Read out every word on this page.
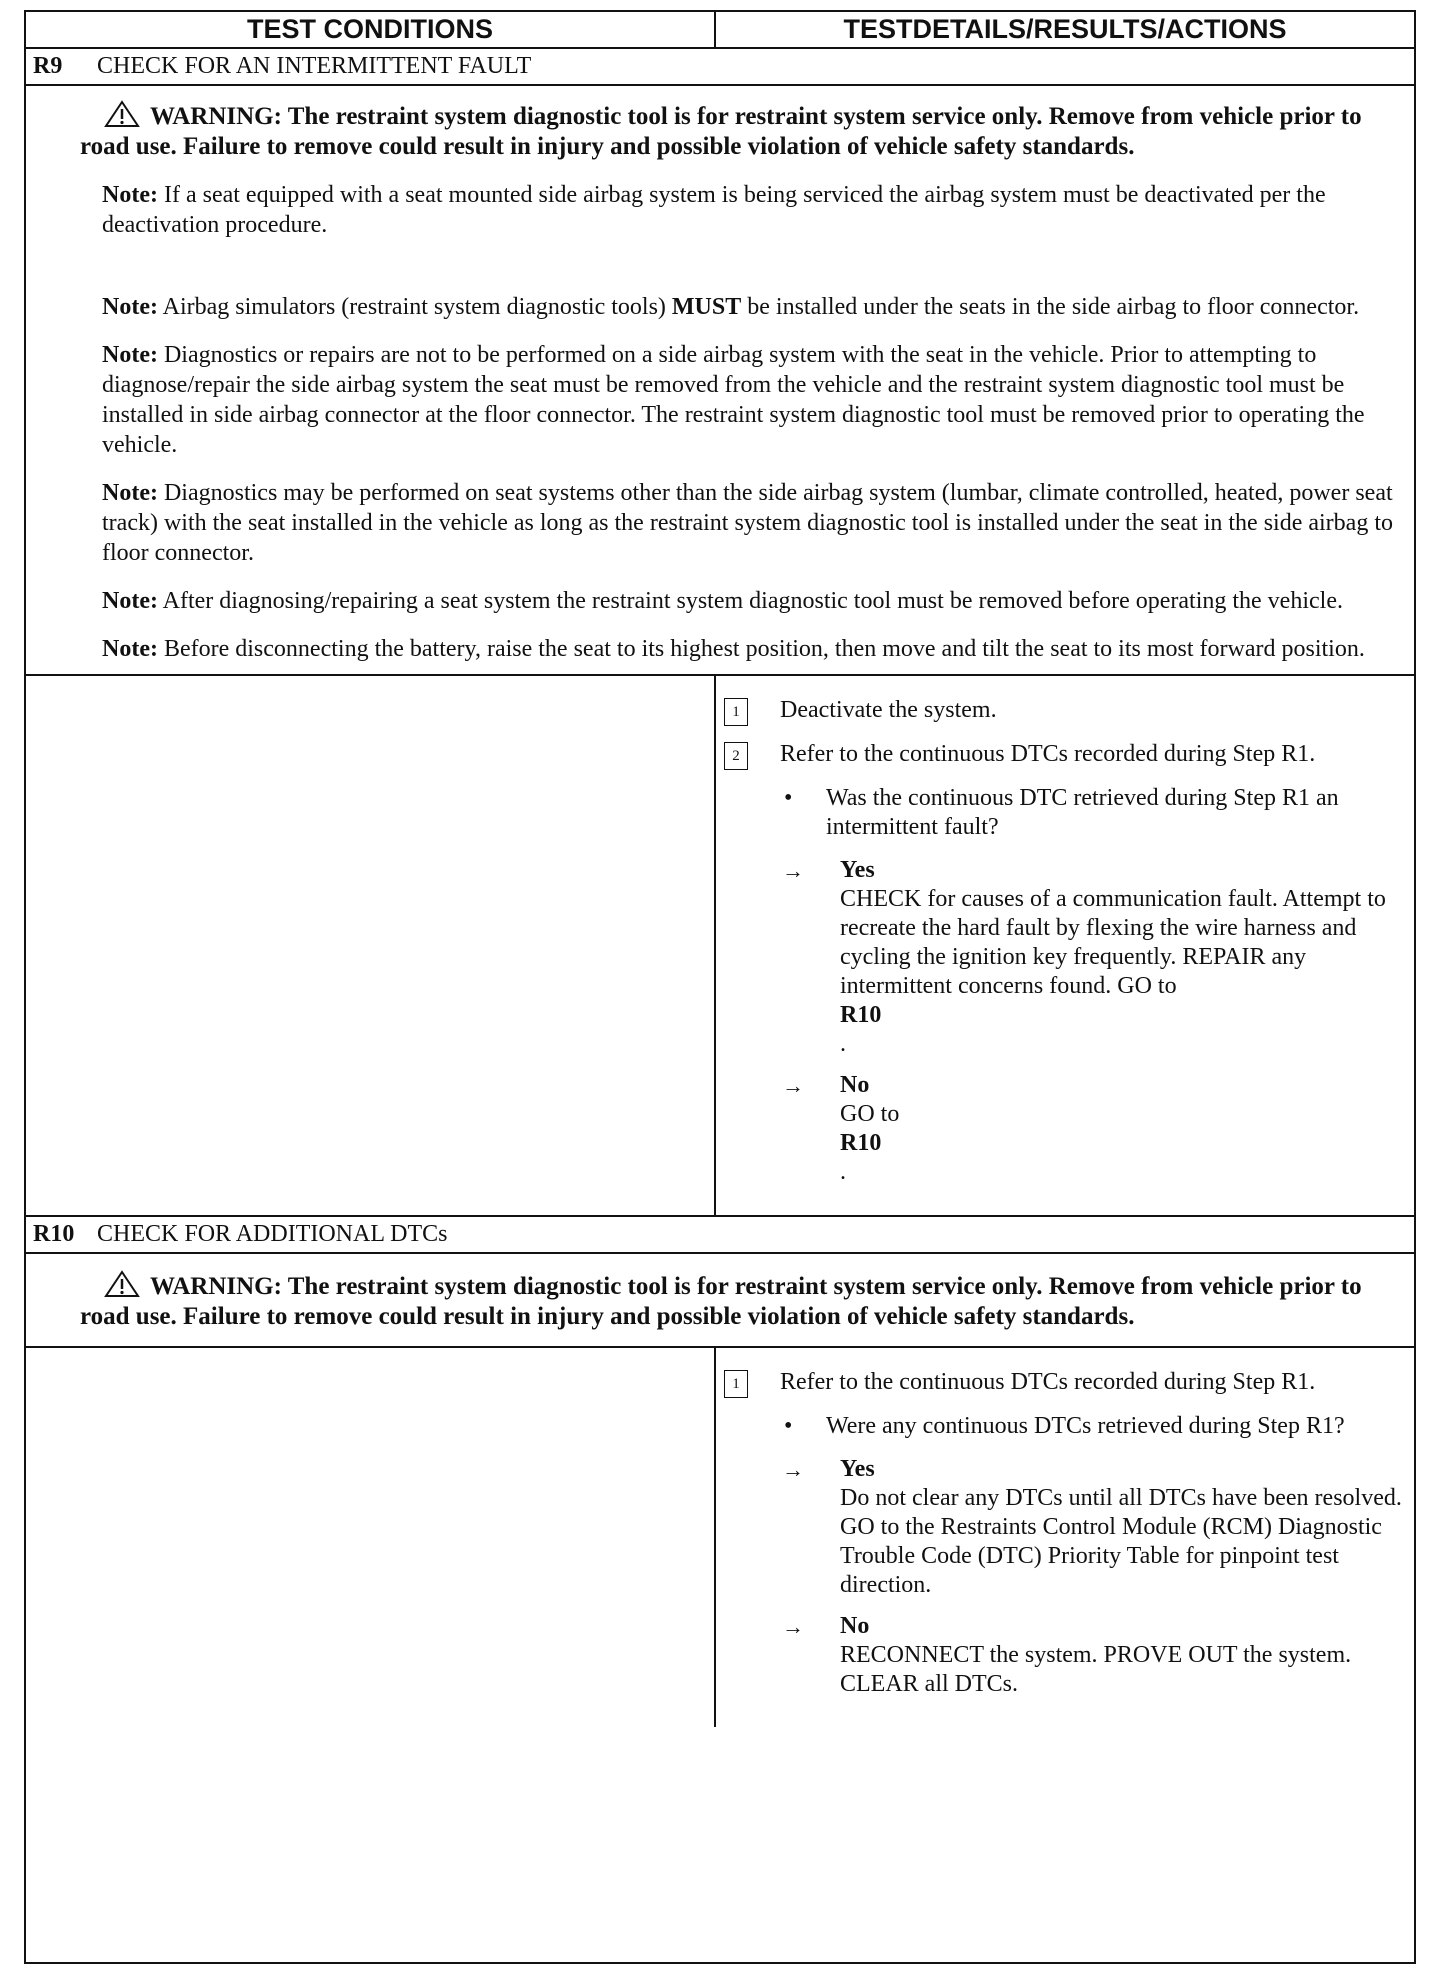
TEST CONDITIONS	TESTDETAILS/RESULTS/ACTIONS
R9 CHECK FOR AN INTERMITTENT FAULT
WARNING: The restraint system diagnostic tool is for restraint system service only. Remove from vehicle prior to road use. Failure to remove could result in injury and possible violation of vehicle safety standards.
Note: If a seat equipped with a seat mounted side airbag system is being serviced the airbag system must be deactivated per the deactivation procedure.
Note: Airbag simulators (restraint system diagnostic tools) MUST be installed under the seats in the side airbag to floor connector.
Note: Diagnostics or repairs are not to be performed on a side airbag system with the seat in the vehicle. Prior to attempting to diagnose/repair the side airbag system the seat must be removed from the vehicle and the restraint system diagnostic tool must be installed in side airbag connector at the floor connector. The restraint system diagnostic tool must be removed prior to operating the vehicle.
Note: Diagnostics may be performed on seat systems other than the side airbag system (lumbar, climate controlled, heated, power seat track) with the seat installed in the vehicle as long as the restraint system diagnostic tool is installed under the seat in the side airbag to floor connector.
Note: After diagnosing/repairing a seat system the restraint system diagnostic tool must be removed before operating the vehicle.
Note: Before disconnecting the battery, raise the seat to its highest position, then move and tilt the seat to its most forward position.
1	Deactivate the system.
2	Refer to the continuous DTCs recorded during Step R1.
•	Was the continuous DTC retrieved during Step R1 an intermittent fault?
→	Yes
CHECK for causes of a communication fault. Attempt to recreate the hard fault by flexing the wire harness and cycling the ignition key frequently. REPAIR any intermittent concerns found. GO to
R10
.
→	No
GO to
R10
.
R10 CHECK FOR ADDITIONAL DTCs
WARNING: The restraint system diagnostic tool is for restraint system service only. Remove from vehicle prior to road use. Failure to remove could result in injury and possible violation of vehicle safety standards.
1	Refer to the continuous DTCs recorded during Step R1.
•	Were any continuous DTCs retrieved during Step R1?
→	Yes
Do not clear any DTCs until all DTCs have been resolved. GO to the Restraints Control Module (RCM) Diagnostic Trouble Code (DTC) Priority Table for pinpoint test direction.
→	No
RECONNECT the system. PROVE OUT the system. CLEAR all DTCs.
